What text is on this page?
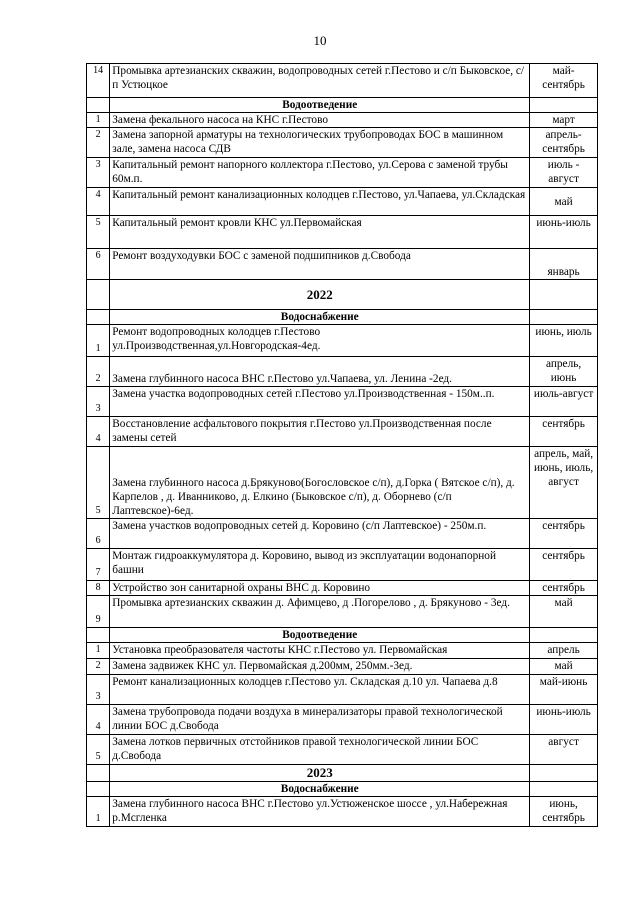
10
14	Промывка артезианских скважин, водопроводных сетей г.Пестово и с/п Быковское, с/п Устюцкое	май-сентябрь
	Водоотведение	
1	Замена фекального насоса на КНС г.Пестово	март
2	Замена запорной арматуры на технологических трубопроводах БОС в машинном зале, замена насоса СДВ	апрель-сентябрь
3	Капитальный ремонт напорного коллектора г.Пестово, ул.Серова с заменой трубы 60м.п.	июль - август
4	Капитальный ремонт канализационных колодцев г.Пестово, ул.Чапаева, ул.Складская	май
5	Капитальный ремонт кровли КНС ул.Первомайская	июнь-июль
6	Ремонт воздуходувки БОС с заменой подшипников д.Свобода	январь
	2022	
	Водоснабжение	
1	Ремонт водопроводных колодцев г.Пестово ул.Производственная,ул.Новгородская-4ед.	июнь, июль
2	Замена глубинного насоса ВНС г.Пестово ул.Чапаева, ул. Ленина -2ед.	апрель, июнь
3	Замена участка водопроводных сетей г.Пестово ул.Производственная - 150м..п.	июль-август
4	Восстановление асфальтового покрытия г.Пестово ул.Производственная после замены сетей	сентябрь
5	Замена глубинного насоса д.Брякуново(Богословское с/п), д.Горка ( Вятское с/п), д. Карпелов , д. Иванниково, д. Елкино (Быковское с/п), д. Оборнево (с/п Лаптевское)-6ед.	апрель, май, июнь, июль, август
6	Замена участков водопроводных сетей д. Коровино (с/п Лаптевское) - 250м.п.	сентябрь
7	Монтаж гидроаккумулятора д. Коровино, вывод из эксплуатации водонапорной башни	сентябрь
8	Устройство зон санитарной охраны ВНС д. Коровино	сентябрь
9	Промывка артезианских скважин д. Афимцево, д .Погорелово , д. Брякуново - 3ед.	май
	Водоотведение	
1	Установка преобразователя частоты КНС г.Пестово ул. Первомайская	апрель
2	Замена задвижек КНС ул. Первомайская д.200мм, 250мм.-3ед.	май
3	Ремонт канализационных колодцев г.Пестово ул. Складская д.10 ул. Чапаева д.8	май-июнь
4	Замена трубопровода подачи воздуха в минерализаторы правой технологической линии БОС д.Свобода	июнь-июль
5	Замена лотков первичных отстойников правой технологической линии БОС д.Свобода	август
	2023	
	Водоснабжение	
1	Замена глубинного насоса ВНС г.Пестово ул.Устюженское шоссе , ул.Набережная р.Мсгленка	июнь, сентябрь
